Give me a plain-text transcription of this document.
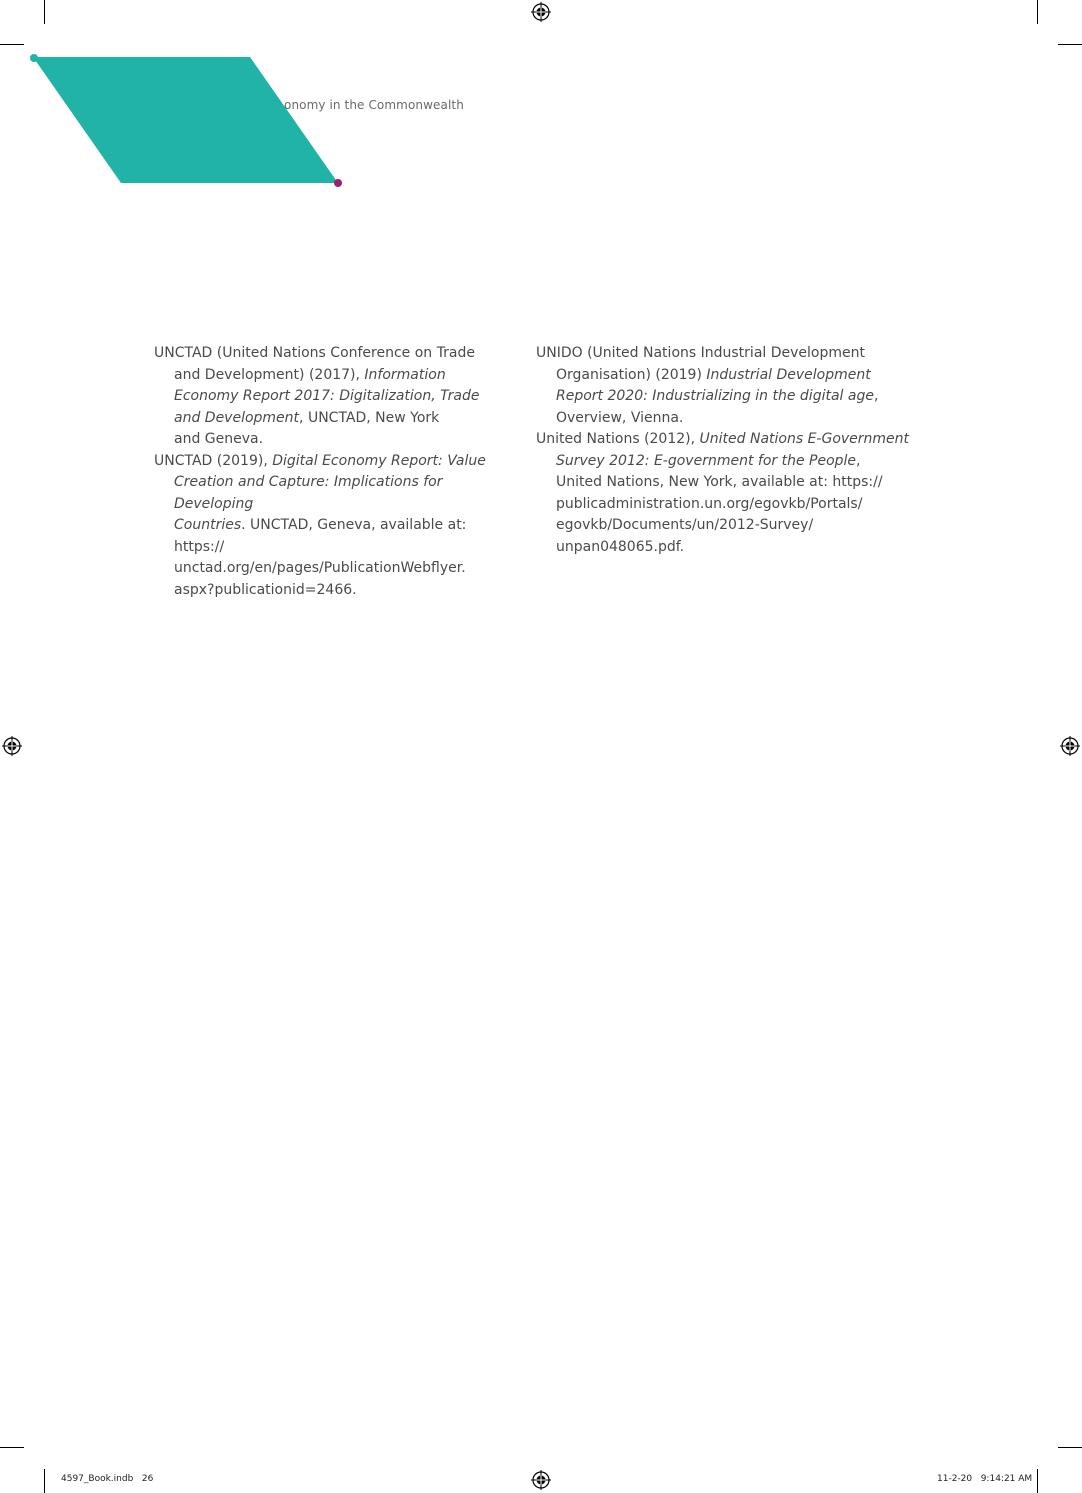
onomy in the Commonwealth

UNCTAD (United Nations Conference on Trade
and Development) (2017), Information
Economy Report 2017: Digitalization, Trade
and Development, UNCTAD, New York
and Geneva.

UNCTAD (2019), Digital Economy Report: Value
Creation and Capture: Implications for Developing
Countries. UNCTAD, Geneva, available at: https://
unctad.org/en/pages/PublicationWebflyer.
aspx?publicationid=2466.

UNIDO (United Nations Industrial Development
Organisation) (2019) Industrial Development
Report 2020: Industrializing in the digital age,
Overview, Vienna.

United Nations (2012), United Nations E-Government
Survey 2012: E-government for the People,
United Nations, New York, available at: https://
publicadministration.un.org/egovkb/Portals/
egovkb/Documents/un/2012-Survey/
unpan048065.pdf.

4597_Book.indb   26	11-2-20   9:14:21 AM
